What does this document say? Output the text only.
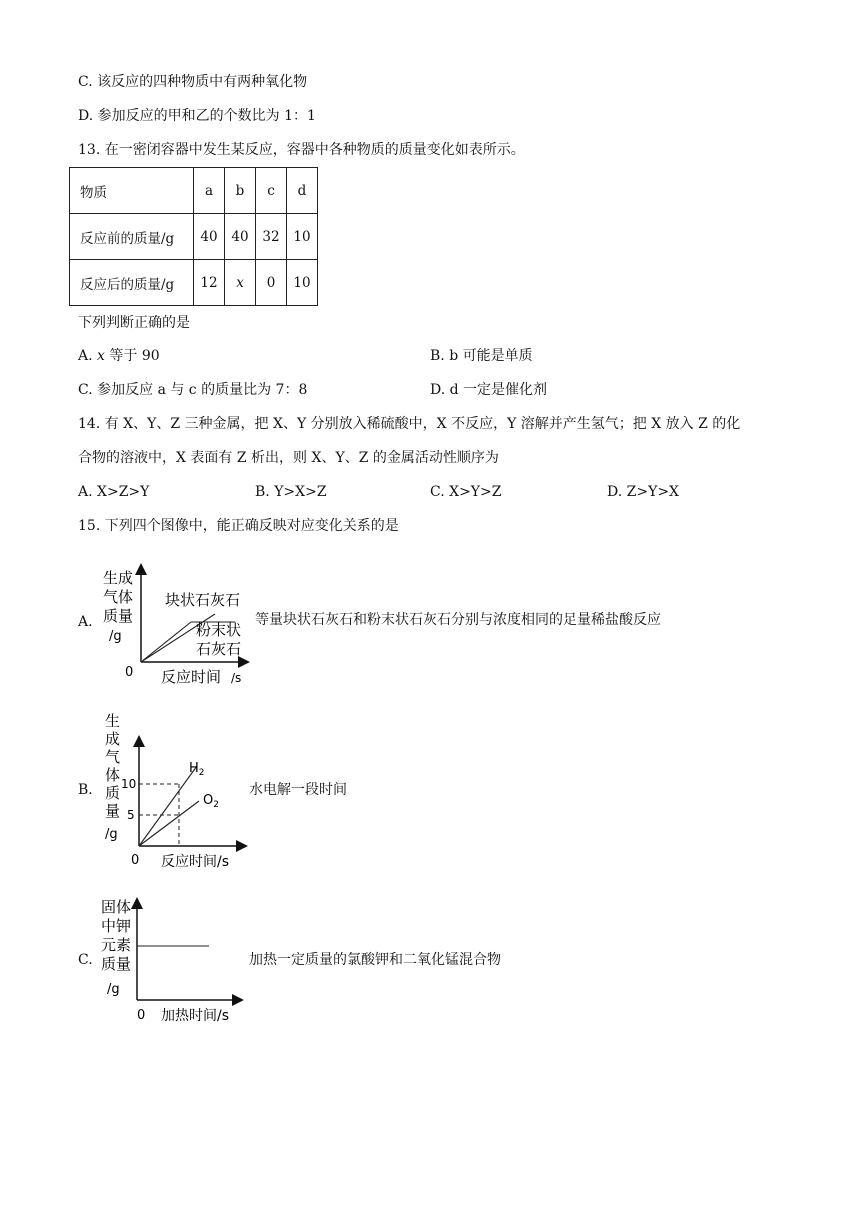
C. 该反应的四种物质中有两种氧化物
D. 参加反应的甲和乙的个数比为 1：1
13. 在一密闭容器中发生某反应，容器中各种物质的质量变化如表所示。
物质	a	b	c	d
反应前的质量/g	40	40	32	10
反应后的质量/g	12	x	0	10
下列判断正确的是
A. x 等于 90	B. b 可能是单质
C. 参加反应 a 与 c 的质量比为 7：8	D. d 一定是催化剂
14. 有 X、Y、Z 三种金属，把 X、Y 分别放入稀硫酸中，X 不反应，Y 溶解并产生氢气；把 X 放入 Z 的化
合物的溶液中，X 表面有 Z 析出，则 X、Y、Z 的金属活动性顺序为
A. X>Z>Y	B. Y>X>Z	C. X>Y>Z	D. Z>Y>X
15. 下列四个图像中，能正确反映对应变化关系的是
A.
生成
气体
质量
/g
0 反应时间 /s
块状石灰石
粉末状
石灰石
等量块状石灰石和粉末状石灰石分别与浓度相同的足量稀盐酸反应
B.
生
成
气
体
质
量
/g
10
5
$H_2$
$O_2$
0 反应时间/s
水电解一段时间
C.
固体
中钾
元素
质量
/g
0 加热时间/s
加热一定质量的氯酸钾和二氧化锰混合物
